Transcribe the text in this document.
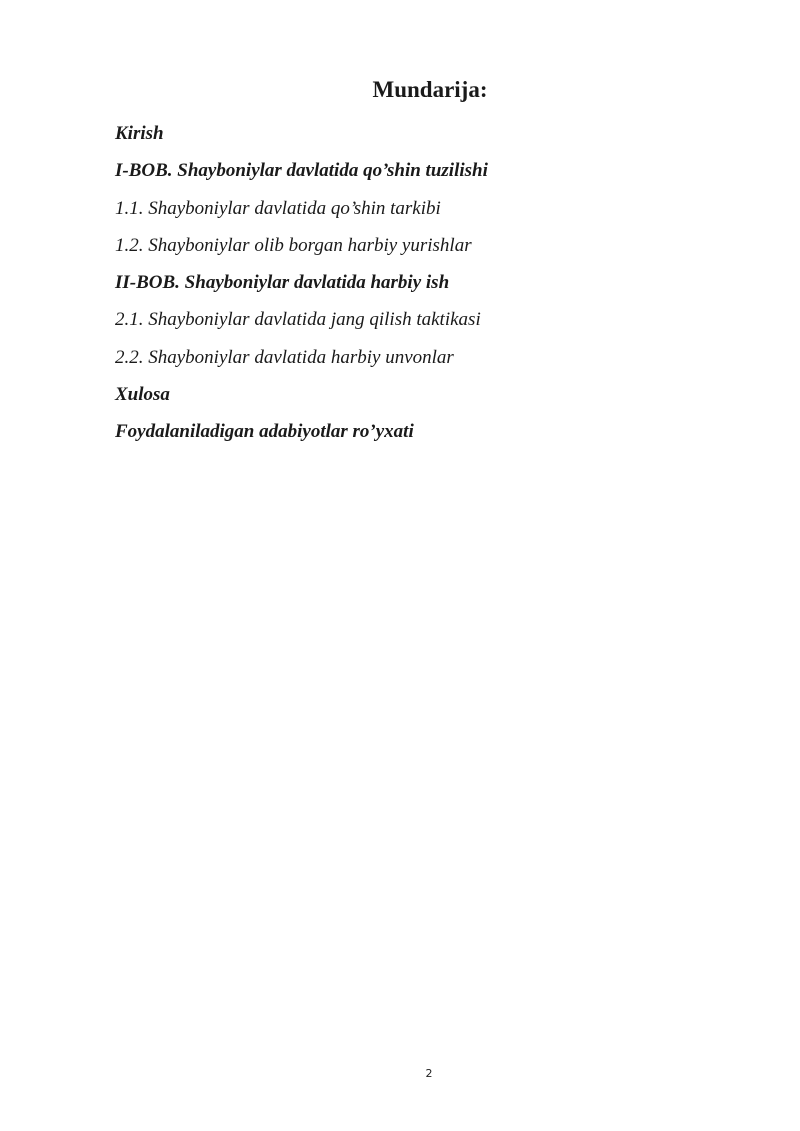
Mundarija:
Kirish
I-BOB. Shayboniylar davlatida qo’shin tuzilishi
1.1. Shayboniylar davlatida qo’shin tarkibi
1.2. Shayboniylar olib borgan harbiy yurishlar
II-BOB. Shayboniylar davlatida harbiy ish
2.1. Shayboniylar davlatida jang qilish taktikasi
2.2. Shayboniylar davlatida harbiy unvonlar
Xulosa
Foydalaniladigan adabiyotlar ro’yxati
2
